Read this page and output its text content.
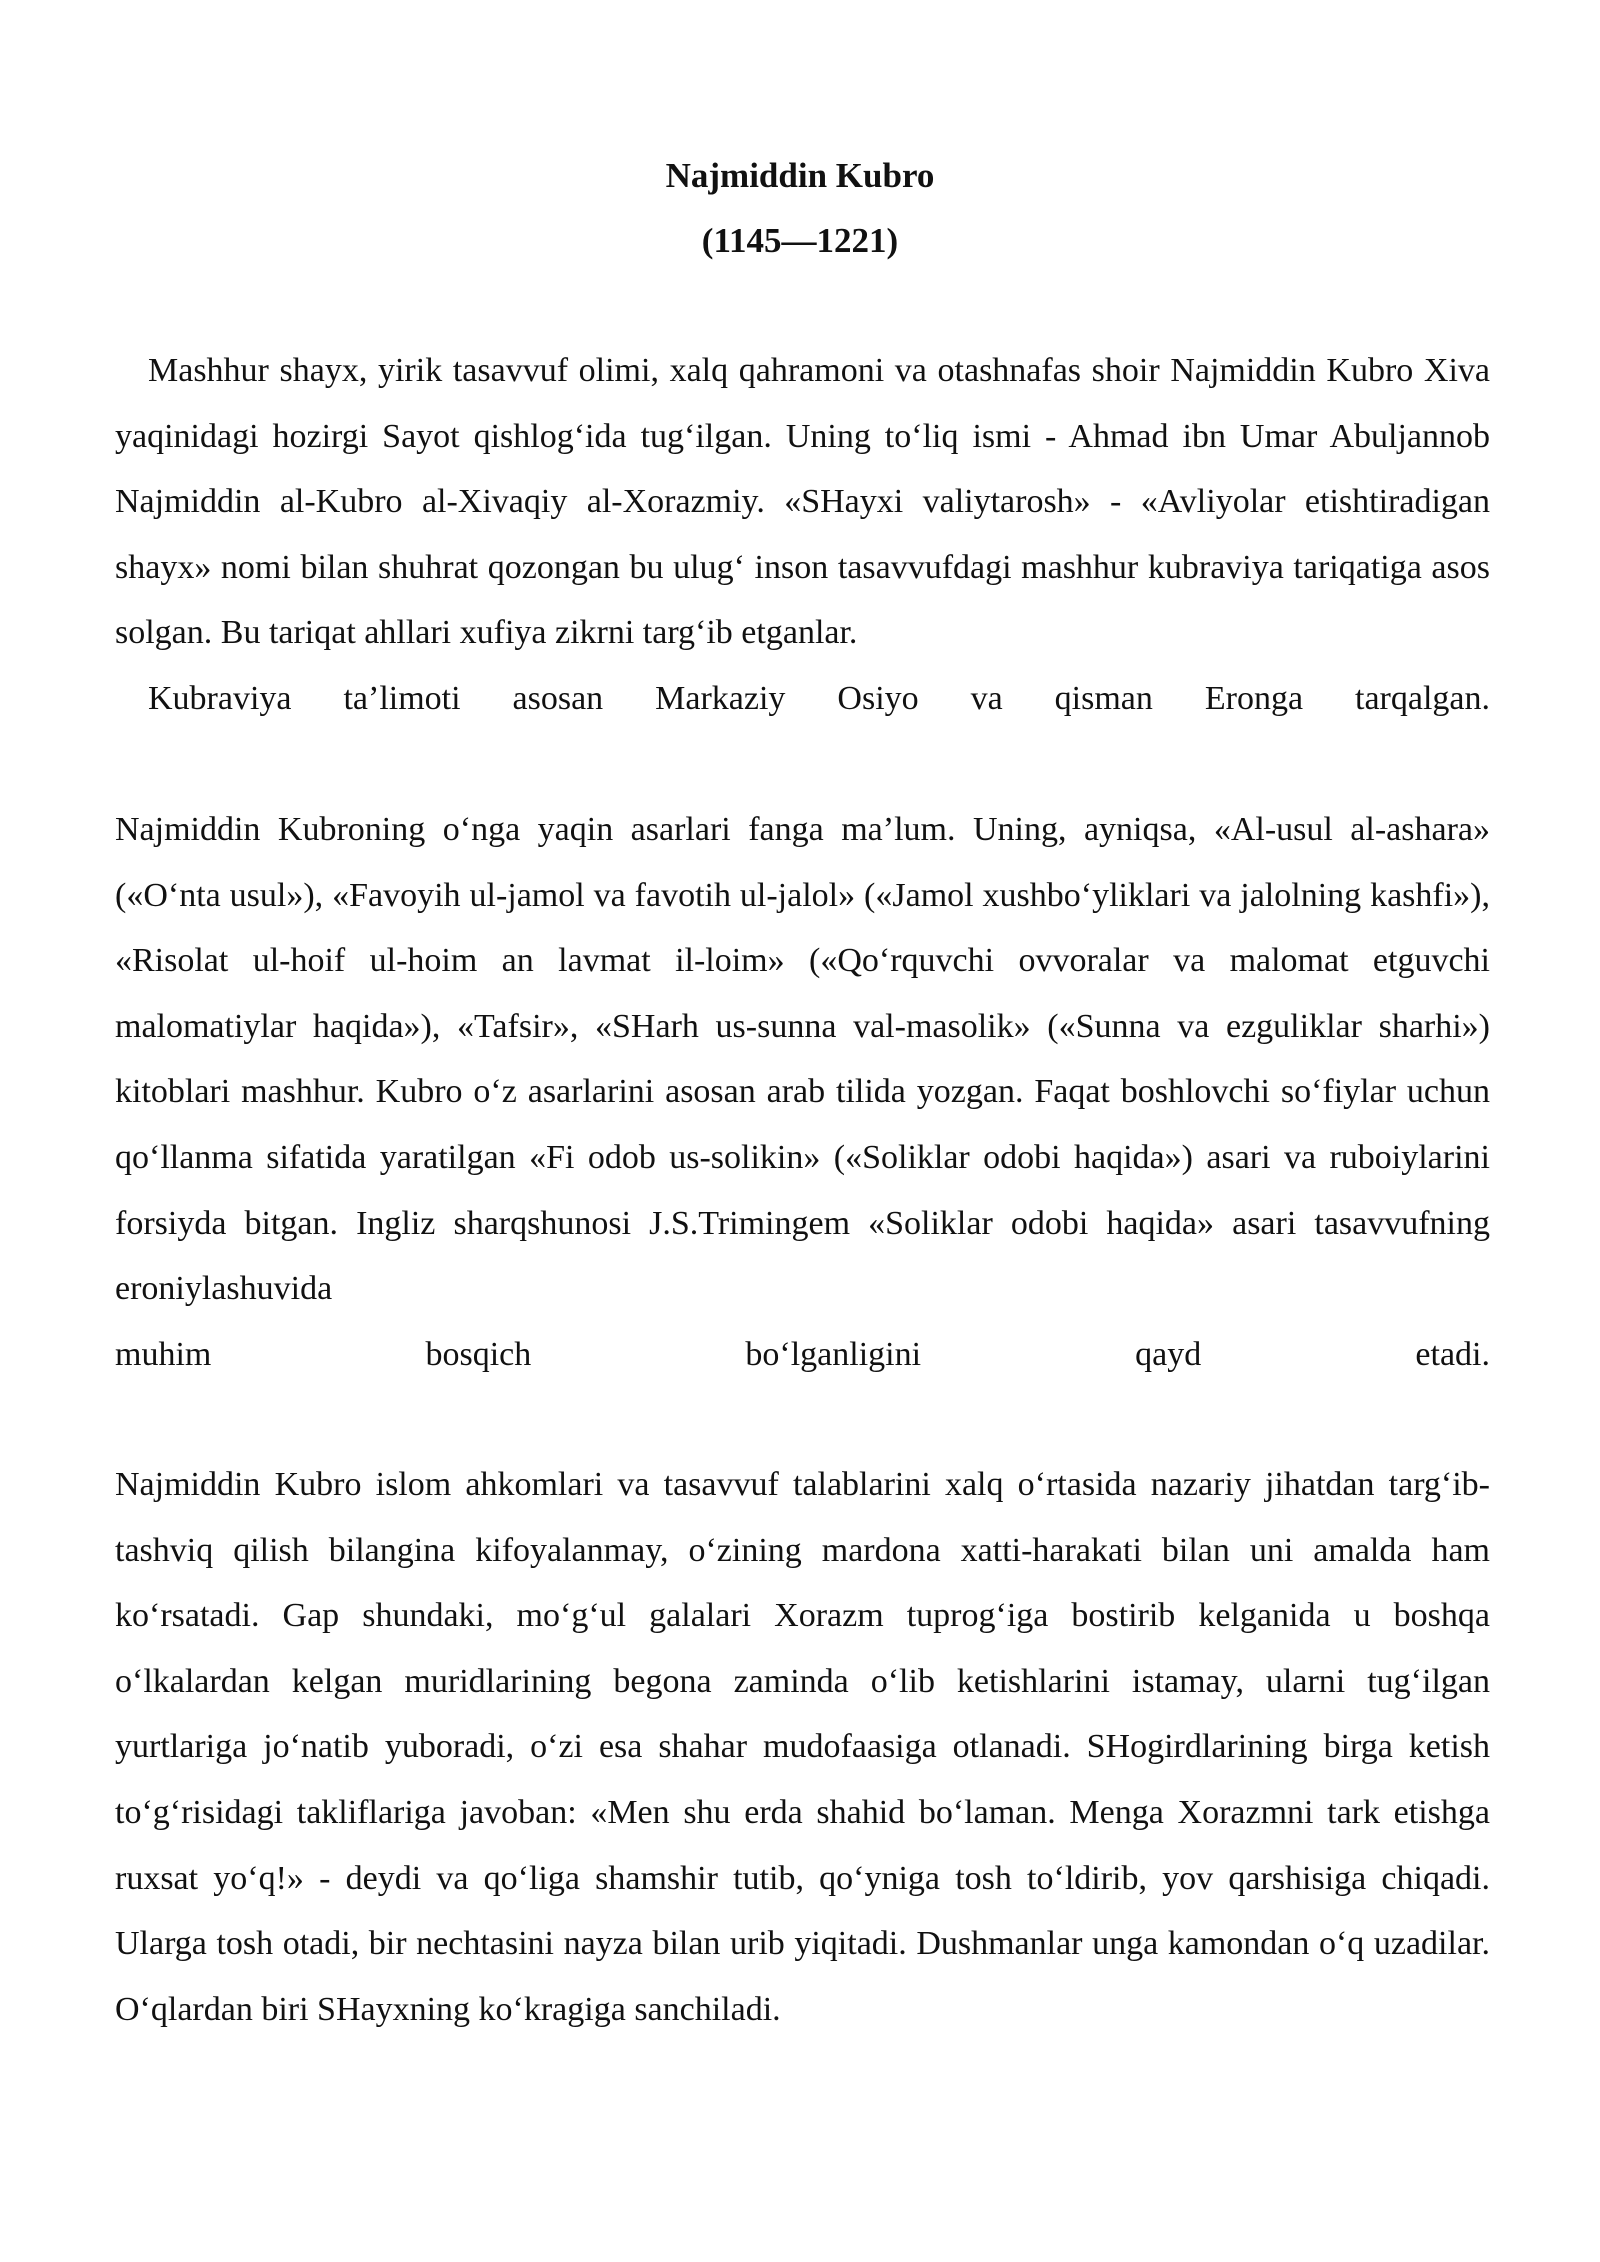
Najmiddin Kubro
(1145—1221)

Mashhur shayx, yirik tasavvuf olimi, xalq qahramoni va otashnafas shoir Najmiddin Kubro Xiva yaqinidagi hozirgi Sayot qishlog‘ida tug‘ilgan. Uning to‘liq ismi - Ahmad ibn Umar Abuljannob Najmiddin al-Kubro al-Xivaqiy al-Xorazmiy. «SHayxi valiytarosh» - «Avliyolar etishtiradigan shayx» nomi bilan shuhrat qozongan bu ulug‘ inson tasavvufdagi mashhur kubraviya tariqatiga asos solgan. Bu tariqat ahllari xufiya zikrni targ‘ib etganlar.
Kubraviya ta’limoti asosan Markaziy Osiyo va qisman Eronga tarqalgan.

Najmiddin Kubroning o‘nga yaqin asarlari fanga ma’lum. Uning, ayniqsa, «Al-usul al-ashara» («O‘nta usul»), «Favoyih ul-jamol va favotih ul-jalol» («Jamol xushbo‘yliklari va jalolning kashfi»), «Risolat ul-hoif ul-hoim an lavmat il-loim» («Qo‘rquvchi ovvoralar va malomat etguvchi malomatiylar haqida»), «Tafsir», «SHarh us-sunna val-masolik» («Sunna va ezguliklar sharhi») kitoblari mashhur. Kubro o‘z asarlarini asosan arab tilida yozgan. Faqat boshlovchi so‘fiylar uchun qo‘llanma sifatida yaratilgan «Fi odob us-solikin» («Soliklar odobi haqida») asari va ruboiylarini forsiyda bitgan. Ingliz sharqshunosi J.S.Trimingem «Soliklar odobi haqida» asari tasavvufning eroniylashuvida
muhim bosqich bo‘lganligini qayd etadi.

Najmiddin Kubro islom ahkomlari va tasavvuf talablarini xalq o‘rtasida nazariy jihatdan targ‘ib-tashviq qilish bilangina kifoyalanmay, o‘zining mardona xatti-harakati bilan uni amalda ham ko‘rsatadi. Gap shundaki, mo‘g‘ul galalari Xorazm tuprog‘iga bostirib kelganida u boshqa o‘lkalardan kelgan muridlarining begona zaminda o‘lib ketishlarini istamay, ularni tug‘ilgan yurtlariga jo‘natib yuboradi, o‘zi esa shahar mudofaasiga otlanadi. SHogirdlarining birga ketish to‘g‘risidagi takliflariga javoban: «Men shu erda shahid bo‘laman. Menga Xorazmni tark etishga ruxsat yo‘q!» - deydi va qo‘liga shamshir tutib, qo‘yniga tosh to‘ldirib, yov qarshisiga chiqadi. Ularga tosh otadi, bir nechtasini nayza bilan urib yiqitadi. Dushmanlar unga kamondan o‘q uzadilar. O‘qlardan biri SHayxning ko‘kragiga sanchiladi.
